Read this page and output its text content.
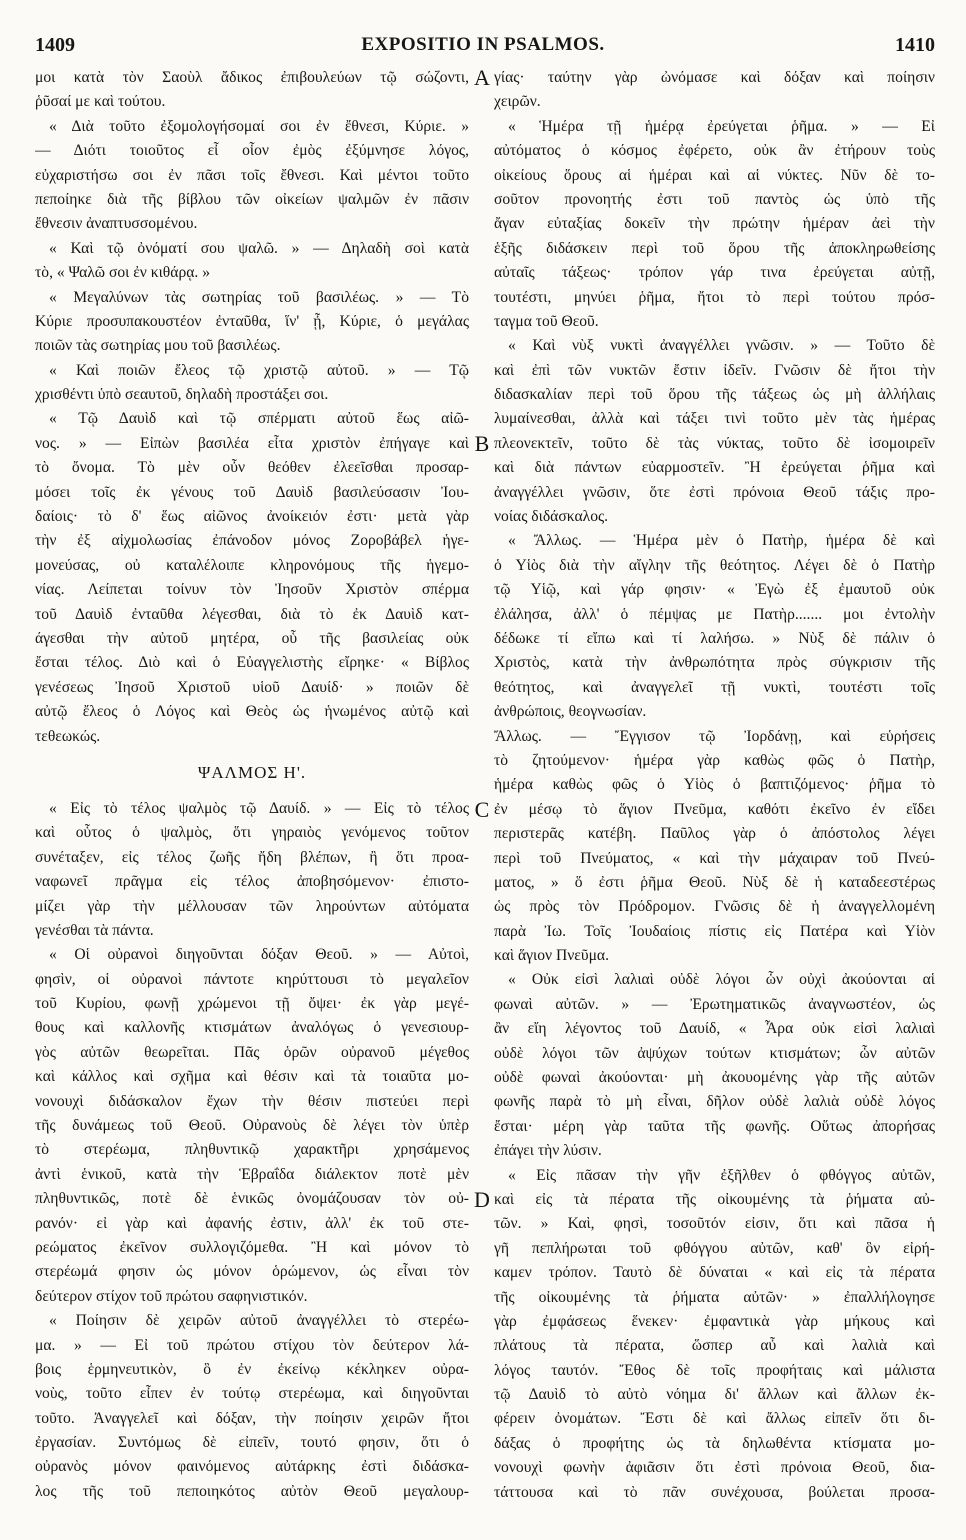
1409	EXPOSITIO IN PSALMOS.	1410
μοι κατὰ τὸν Σαοὺλ ἄδικος ἐπιβουλεύων τῷ σώζοντι,
ῥῦσαί με καὶ τούτου.
« Διὰ τοῦτο ἐξομολογήσομαί σοι ἐν ἔθνεσι, Κύριε. »
— Διότι τοιοῦτος εἶ οἷον ἐμὸς ἐξύμνησε λόγος,
εὐχαριστήσω σοι ἐν πᾶσι τοῖς ἔθνεσι. Καὶ μέντοι τοῦτο
πεποίηκε διὰ τῆς βίβλου τῶν οἰκείων ψαλμῶν ἐν πᾶσιν
ἔθνεσιν ἀναπτυσσομένου.
« Καὶ τῷ ὀνόματί σου ψαλῶ. » — Δηλαδὴ σοὶ κατὰ
τὸ, « Ψαλῶ σοι ἐν κιθάρᾳ. »
« Μεγαλύνων τὰς σωτηρίας τοῦ βασιλέως. » — Τὸ
Κύριε προσυπακουστέον ἐνταῦθα, ἵν' ᾖ, Κύριε, ὁ μεγάλας
ποιῶν τὰς σωτηρίας μου τοῦ βασιλέως.
« Καὶ ποιῶν ἔλεος τῷ χριστῷ αὐτοῦ. » — Τῷ
χρισθέντι ὑπὸ σεαυτοῦ, δηλαδὴ προστάξει σοι.
« Τῷ Δαυὶδ καὶ τῷ σπέρματι αὐτοῦ ἕως αἰῶ-
νος. » — Εἰπὼν βασιλέα εἶτα χριστὸν ἐπήγαγε καὶ
τὸ ὄνομα. Τὸ μὲν οὖν θεόθεν ἐλεεῖσθαι προσαρ-
μόσει τοῖς ἐκ γένους τοῦ Δαυὶδ βασιλεύσασιν Ἰου-
δαίοις· τὸ δ' ἕως αἰῶνος ἀνοίκειόν ἐστι· μετὰ γὰρ
τὴν ἐξ αἰχμολωσίας ἐπάνοδον μόνος Ζοροβάβελ ἡγε-
μονεύσας, οὐ καταλέλοιπε κληρονόμους τῆς ἡγεμο-
νίας. Λείπεται τοίνυν τὸν Ἰησοῦν Χριστὸν σπέρμα
τοῦ Δαυὶδ ἐνταῦθα λέγεσθαι, διὰ τὸ ἐκ Δαυὶδ κατ-
άγεσθαι τὴν αὐτοῦ μητέρα, οὗ τῆς βασιλείας οὐκ
ἔσται τέλος. Διὸ καὶ ὁ Εὐαγγελιστὴς εἴρηκε· « Βίβλος
γενέσεως Ἰησοῦ Χριστοῦ υἱοῦ Δαυίδ· » ποιῶν δὲ
αὐτῷ ἔλεος ὁ Λόγος καὶ Θεὸς ὡς ἡνωμένος αὐτῷ καὶ
τεθεωκώς.
ΨΑΛΜΟΣ Η'.
« Εἰς τὸ τέλος ψαλμὸς τῷ Δαυίδ. » — Εἰς τὸ τέλος
καὶ οὗτος ὁ ψαλμὸς, ὅτι γηραιὸς γενόμενος τοῦτον
συνέταξεν, εἰς τέλος ζωῆς ἤδη βλέπων, ἢ ὅτι προα-
ναφωνεῖ πρᾶγμα εἰς τέλος ἀποβησόμενον· ἐπιστο-
μίζει γὰρ τὴν μέλλουσαν τῶν ληρούντων αὐτόματα
γενέσθαι τὰ πάντα.
« Οἱ οὐρανοὶ διηγοῦνται δόξαν Θεοῦ. » — Αὐτοὶ,
φησὶν, οἱ οὐρανοὶ πάντοτε κηρύττουσι τὸ μεγαλεῖον
τοῦ Κυρίου, φωνῇ χρώμενοι τῇ ὄψει· ἐκ γὰρ μεγέ-
θους καὶ καλλονῆς κτισμάτων ἀναλόγως ὁ γενεσιουρ-
γὸς αὐτῶν θεωρεῖται. Πᾶς ὁρῶν οὐρανοῦ μέγεθος
καὶ κάλλος καὶ σχῆμα καὶ θέσιν καὶ τὰ τοιαῦτα μο-
νονουχὶ διδάσκαλον ἔχων τὴν θέσιν πιστεύει περὶ
τῆς δυνάμεως τοῦ Θεοῦ. Οὐρανοὺς δὲ λέγει τὸν ὑπὲρ
τὸ στερέωμα, πληθυντικῷ χαρακτῆρι χρησάμενος
ἀντὶ ἑνικοῦ, κατὰ τὴν Ἑβραΐδα διάλεκτον ποτὲ μὲν
πληθυντικῶς, ποτὲ δὲ ἑνικῶς ὀνομάζουσαν τὸν οὐ-
ρανόν· εἰ γὰρ καὶ ἀφανής ἐστιν, ἀλλ' ἐκ τοῦ στε-
ρεώματος ἐκεῖνον συλλογιζόμεθα. Ἢ καὶ μόνον τὸ
στερέωμά φησιν ὡς μόνον ὁρώμενον, ὡς εἶναι τὸν
δεύτερον στίχον τοῦ πρώτου σαφηνιστικόν.
« Ποίησιν δὲ χειρῶν αὐτοῦ ἀναγγέλλει τὸ στερέω-
μα. » — Εἰ τοῦ πρώτου στίχου τὸν δεύτερον λά-
βοις ἑρμηνευτικὸν, ὃ ἐν ἐκείνῳ κέκληκεν οὐρα-
νοὺς, τοῦτο εἶπεν ἐν τούτῳ στερέωμα, καὶ διηγοῦνται
τοῦτο. Ἀναγγελεῖ καὶ δόξαν, τὴν ποίησιν χειρῶν ἤτοι
ἐργασίαν. Συντόμως δὲ εἰπεῖν, τουτό φησιν, ὅτι ὁ
οὐρανὸς μόνον φαινόμενος αὐτάρκης ἐστὶ διδάσκα-
λος τῆς τοῦ πεποιηκότος αὐτὸν Θεοῦ μεγαλουρ-
γίας· ταύτην γὰρ ὠνόμασε καὶ δόξαν καὶ ποίησιν
χειρῶν.
« Ἡμέρα τῇ ἡμέρᾳ ἐρεύγεται ῥῆμα. » — Εἰ
αὐτόματος ὁ κόσμος ἐφέρετο, οὐκ ἂν ἐτήρουν τοὺς
οἰκείους ὅρους αἱ ἡμέραι καὶ αἱ νύκτες. Νῦν δὲ το-
σοῦτον προνοητής ἐστι τοῦ παντὸς ὡς ὑπὸ τῆς
ἄγαν εὐταξίας δοκεῖν τὴν πρώτην ἡμέραν ἀεὶ τὴν
ἑξῆς διδάσκειν περὶ τοῦ ὅρου τῆς ἀποκληρωθείσης
αὐταῖς τάξεως· τρόπον γάρ τινα ἐρεύγεται αὐτῇ,
τουτέστι, μηνύει ῥῆμα, ἤτοι τὸ περὶ τούτου πρόσ-
ταγμα τοῦ Θεοῦ.
« Καὶ νὺξ νυκτὶ ἀναγγέλλει γνῶσιν. » — Τοῦτο δὲ
καὶ ἐπὶ τῶν νυκτῶν ἔστιν ἰδεῖν. Γνῶσιν δὲ ἤτοι τὴν
διδασκαλίαν περὶ τοῦ ὅρου τῆς τάξεως ὡς μὴ ἀλλήλαις
λυμαίνεσθαι, ἀλλὰ καὶ τάξει τινὶ τοῦτο μὲν τὰς ἡμέρας
πλεονεκτεῖν, τοῦτο δὲ τὰς νύκτας, τοῦτο δὲ ἰσομοιρεῖν
καὶ διὰ πάντων εὐαρμοστεῖν. Ἢ ἐρεύγεται ῥῆμα καὶ
ἀναγγέλλει γνῶσιν, ὅτε ἐστὶ πρόνοια Θεοῦ τάξις προ-
νοίας διδάσκαλος.
« Ἄλλως. — Ἡμέρα μὲν ὁ Πατὴρ, ἡμέρα δὲ καὶ
ὁ Υἱὸς διὰ τὴν αἴγλην τῆς θεότητος. Λέγει δὲ ὁ Πατὴρ
τῷ Υἱῷ, καὶ γάρ φησιν· « Ἐγὼ ἐξ ἐμαυτοῦ οὐκ
ἐλάλησα, ἀλλ' ὁ πέμψας με Πατὴρ....... μοι ἐντολὴν
δέδωκε τί εἴπω καὶ τί λαλήσω. » Νὺξ δὲ πάλιν ὁ
Χριστὸς, κατὰ τὴν ἀνθρωπότητα πρὸς σύγκρισιν τῆς
θεότητος, καὶ ἀναγγελεῖ τῇ νυκτὶ, τουτέστι τοῖς
ἀνθρώποις, θεογνωσίαν.
Ἄλλως. — Ἔγγισον τῷ Ἰορδάνῃ, καὶ εὑρήσεις
τὸ ζητούμενον· ἡμέρα γὰρ καθὼς φῶς ὁ Πατὴρ,
ἡμέρα καθὼς φῶς ὁ Υἱὸς ὁ βαπτιζόμενος· ῥῆμα τὸ
ἐν μέσῳ τὸ ἅγιον Πνεῦμα, καθότι ἐκεῖνο ἐν εἴδει
περιστερᾶς κατέβη. Παῦλος γὰρ ὁ ἀπόστολος λέγει
περὶ τοῦ Πνεύματος, « καὶ τὴν μάχαιραν τοῦ Πνεύ-
ματος, » ὅ ἐστι ῥῆμα Θεοῦ. Νὺξ δὲ ἡ καταδεεστέρως
ὡς πρὸς τὸν Πρόδρομον. Γνῶσις δὲ ἡ ἀναγγελλομένη
παρὰ Ἰω. Τοῖς Ἰουδαίοις πίστις εἰς Πατέρα καὶ Υἱὸν
καὶ ἅγιον Πνεῦμα.
« Οὐκ εἰσὶ λαλιαὶ οὐδὲ λόγοι ὧν οὐχὶ ἀκούονται αἱ
φωναὶ αὐτῶν. » — Ἐρωτηματικῶς ἀναγνωστέον, ὡς
ἂν εἴη λέγοντος τοῦ Δαυίδ, « Ἆρα οὐκ εἰσὶ λαλιαὶ
οὐδὲ λόγοι τῶν ἀψύχων τούτων κτισμάτων; ὧν αὐτῶν
οὐδὲ φωναὶ ἀκούονται· μὴ ἀκουομένης γὰρ τῆς αὐτῶν
φωνῆς παρὰ τὸ μὴ εἶναι, δῆλον οὐδὲ λαλιὰ οὐδὲ λόγος
ἔσται· μέρη γὰρ ταῦτα τῆς φωνῆς. Οὕτως ἀπορήσας
ἐπάγει τὴν λύσιν.
« Εἰς πᾶσαν τὴν γῆν ἐξῆλθεν ὁ φθόγγος αὐτῶν,
καὶ εἰς τὰ πέρατα τῆς οἰκουμένης τὰ ῥήματα αὐ-
τῶν. » Καὶ, φησὶ, τοσοῦτόν εἰσιν, ὅτι καὶ πᾶσα ἡ
γῆ πεπλήρωται τοῦ φθόγγου αὐτῶν, καθ' ὃν εἰρή-
καμεν τρόπον. Ταυτὸ δὲ δύναται « καὶ εἰς τὰ πέρατα
τῆς οἰκουμένης τὰ ῥήματα αὐτῶν· » ἐπαλλήλογησε
γὰρ ἐμφάσεως ἕνεκεν· ἐμφαντικὰ γὰρ μήκους καὶ
πλάτους τὰ πέρατα, ὥσπερ αὖ καὶ λαλιὰ καὶ
λόγος ταυτόν. Ἔθος δὲ τοῖς προφήταις καὶ μάλιστα
τῷ Δαυὶδ τὸ αὐτὸ νόημα δι' ἄλλων καὶ ἄλλων ἐκ-
φέρειν ὀνομάτων. Ἔστι δὲ καὶ ἄλλως εἰπεῖν ὅτι δι-
δάξας ὁ προφήτης ὡς τὰ δηλωθέντα κτίσματα μο-
νονουχὶ φωνὴν ἀφιᾶσιν ὅτι ἐστὶ πρόνοια Θεοῦ, δια-
τάττουσα καὶ τὸ πᾶν συνέχουσα, βούλεται προσα-
A
B
C
D
